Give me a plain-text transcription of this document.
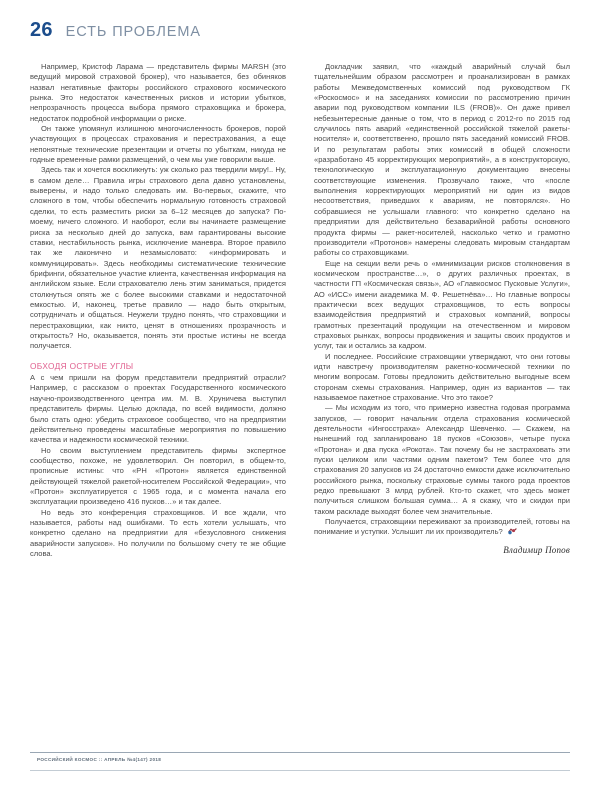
26 ЕСТЬ ПРОБЛЕМА

Например, Кристоф Ларама — представитель фирмы MARSH (это ведущий мировой страховой брокер), что называется, без обиняков назвал негативные факторы российского страхового космического рынка. Это недостаток качественных рисков и истории убытков, непрозрачность процесса выбора прямого страховщика и брокера, недостаток подробной информации о риске.

Он также упомянул излишнюю многочисленность брокеров, порой участвующих в процессах страхования и перестрахования, а еще непонятные технические презентации и отчеты по убыткам, никуда не годные временные рамки размещений, о чем мы уже говорили выше.

Здесь так и хочется воскликнуть: уж сколько раз твердили миру!.. Ну, в самом деле… Правила игры страхового дела давно установлены, выверены, и надо только следовать им. Во-первых, скажите, что сложного в том, чтобы обеспечить нормальную готовность страховой сделки, то есть разместить риски за 6–12 месяцев до запуска? По-моему, ничего сложного. И наоборот, если вы начинаете размещение риска за несколько дней до запуска, вам гарантированы высокие ставки, нестабильность рынка, исключение маневра. Второе правило так же лаконично и незамысловато: «информировать и коммуницировать». Здесь необходимы систематические технические брифинги, обязательное участие клиента, качественная информация на английском языке. Если страхователю лень этим заниматься, придется столкнуться опять же с более высокими ставками и недостаточной емкостью. И, наконец, третье правило — надо быть открытым, сотрудничать и общаться. Неужели трудно понять, что страховщики и перестраховщики, как никто, ценят в отношениях прозрачность и открытость? Но, оказывается, понять эти простые истины не всегда получается.

ОБХОДЯ ОСТРЫЕ УГЛЫ

А с чем пришли на форум представители предприятий отрасли? Например, с рассказом о проектах Государственного космического научно-производственного центра им. М. В. Хруничева выступил представитель фирмы. Целью доклада, по всей видимости, должно было стать одно: убедить страховое сообщество, что на предприятии действительно проведены масштабные мероприятия по повышению качества и надежности космической техники.

Но своим выступлением представитель фирмы экспертное сообщество, похоже, не удовлетворил. Он повторил, в общем-то, прописные истины: что «РН «Протон» является единственной действующей тяжелой ракетой-носителем Российской Федерации», что «Протон» эксплуатируется с 1965 года, и с момента начала его эксплуатации произведено 416 пусков…» и так далее.

Но ведь это конференция страховщиков. И все ждали, что называется, работы над ошибками. То есть хотели услышать, что конкретно сделано на предприятии для «безусловного снижения аварийности запусков». Но получили по большому счету те же общие слова.

Докладчик заявил, что «каждый аварийный случай был тщательнейшим образом рассмотрен и проанализирован в рамках работы Межведомственных комиссий под руководством ГК «Роскосмос» и на заседаниях комиссии по рассмотрению причин аварии под руководством компании ILS (FROB)». Он даже привел небезынтересные данные о том, что в период с 2012-го по 2015 год случилось пять аварий «единственной российской тяжелой ракеты-носителя» и, соответственно, прошло пять заседаний комиссий FROB. И по результатам работы этих комиссий в общей сложности «разработано 45 корректирующих мероприятий», а в конструкторскую, технологическую и эксплуатационную документацию внесены соответствующие изменения. Прозвучало также, что «после выполнения корректирующих мероприятий ни один из видов несоответствия, приведших к авариям, не повторялся». Но собравшиеся не услышали главного: что конкретно сделано на предприятии для действительно безаварийной работы основного продукта фирмы — ракет-носителей, насколько четко и грамотно производители «Протонов» намерены следовать мировым стандартам работы со страховщиками.

Еще на секции вели речь о «минимизации рисков столкновения в космическом пространстве…», о других различных проектах, в частности ГП «Космическая связь», АО «Главкосмос Пусковые Услуги», АО «ИСС» имени академика М. Ф. Решетнёва»… Но главные вопросы практически всех ведущих страховщиков, то есть вопросы взаимодействия предприятий и страховых компаний, вопросы грамотных презентаций продукции на отечественном и мировом страховых рынках, вопросы продвижения и защиты своих продуктов и услуг, так и остались за кадром.

И последнее. Российские страховщики утверждают, что они готовы идти навстречу производителям ракетно-космической техники по многим вопросам. Готовы предложить действительно выгодные всем сторонам схемы страхования. Например, один из вариантов — так называемое пакетное страхование. Что это такое?

— Мы исходим из того, что примерно известна годовая программа запусков, — говорит начальник отдела страхования космической деятельности «Ингосстраха» Александр Шевченко. — Скажем, на нынешний год запланировано 18 пусков «Союзов», четыре пуска «Протона» и два пуска «Рокота». Так почему бы не застраховать эти пуски целиком или частями одним пакетом? Тем более что для страхования 20 запусков из 24 достаточно емкости даже исключительно российского рынка, поскольку страховые суммы такого рода проектов редко превышают 3 млрд рублей. Кто-то скажет, что здесь может получиться слишком большая сумма… А я скажу, что и скидки при таком раскладе выходят более чем значительные.

Получается, страховщики переживают за производителей, готовы на понимание и уступки. Услышит ли их производитель?

Владимир Попов
РОССИЙСКИЙ КОСМОС :: АПРЕЛЬ №4(147) 2018
